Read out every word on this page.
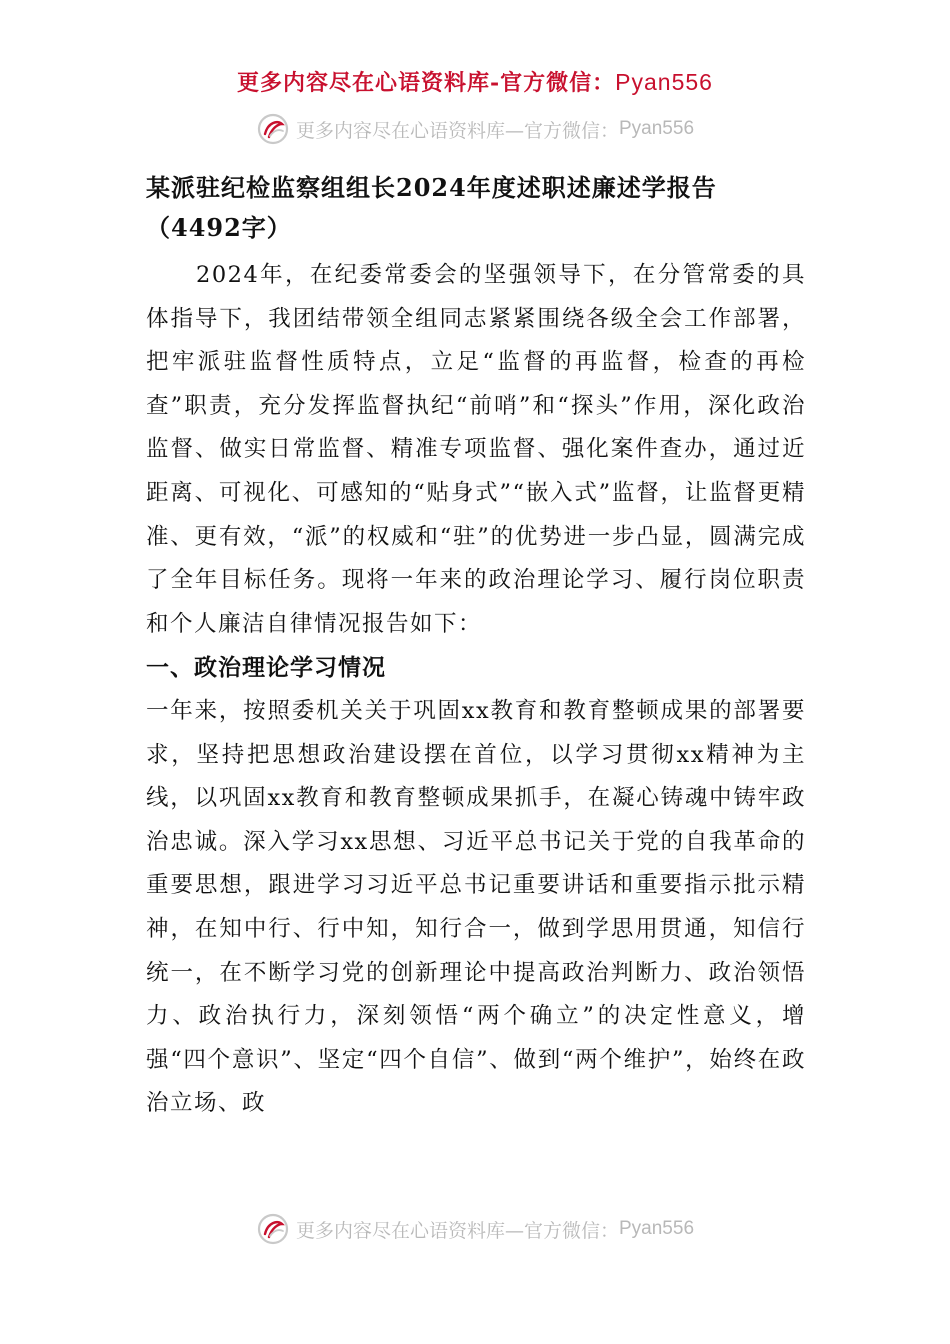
更多内容尽在心语资料库-官方微信：Pyan556
更多内容尽在心语资料库—官方微信： Pyan556
某派驻纪检监察组组长2024年度述职述廉述学报告（4492字）

2024年，在纪委常委会的坚强领导下，在分管常委的具体指导下，我团结带领全组同志紧紧围绕各级全会工作部署，把牢派驻监督性质特点，立足“监督的再监督，检查的再检查”职责，充分发挥监督执纪“前哨”和“探头”作用，深化政治监督、做实日常监督、精准专项监督、强化案件查办，通过近距离、可视化、可感知的“贴身式”“嵌入式”监督，让监督更精准、更有效，“派”的权威和“驻”的优势进一步凸显，圆满完成了全年目标任务。现将一年来的政治理论学习、履行岗位职责和个人廉洁自律情况报告如下：

一、政治理论学习情况

一年来，按照委机关关于巩固xx教育和教育整顿成果的部署要求，坚持把思想政治建设摆在首位，以学习贯彻xx精神为主线，以巩固xx教育和教育整顿成果抓手，在凝心铸魂中铸牢政治忠诚。深入学习xx思想、习近平总书记关于党的自我革命的重要思想，跟进学习习近平总书记重要讲话和重要指示批示精神，在知中行、行中知，知行合一，做到学思用贯通，知信行统一，在不断学习党的创新理论中提高政治判断力、政治领悟力、政治执行力，深刻领悟“两个确立”的决定性意义，增强“四个意识”、坚定“四个自信”、做到“两个维护”，始终在政治立场、政

更多内容尽在心语资料库—官方微信： Pyan556
